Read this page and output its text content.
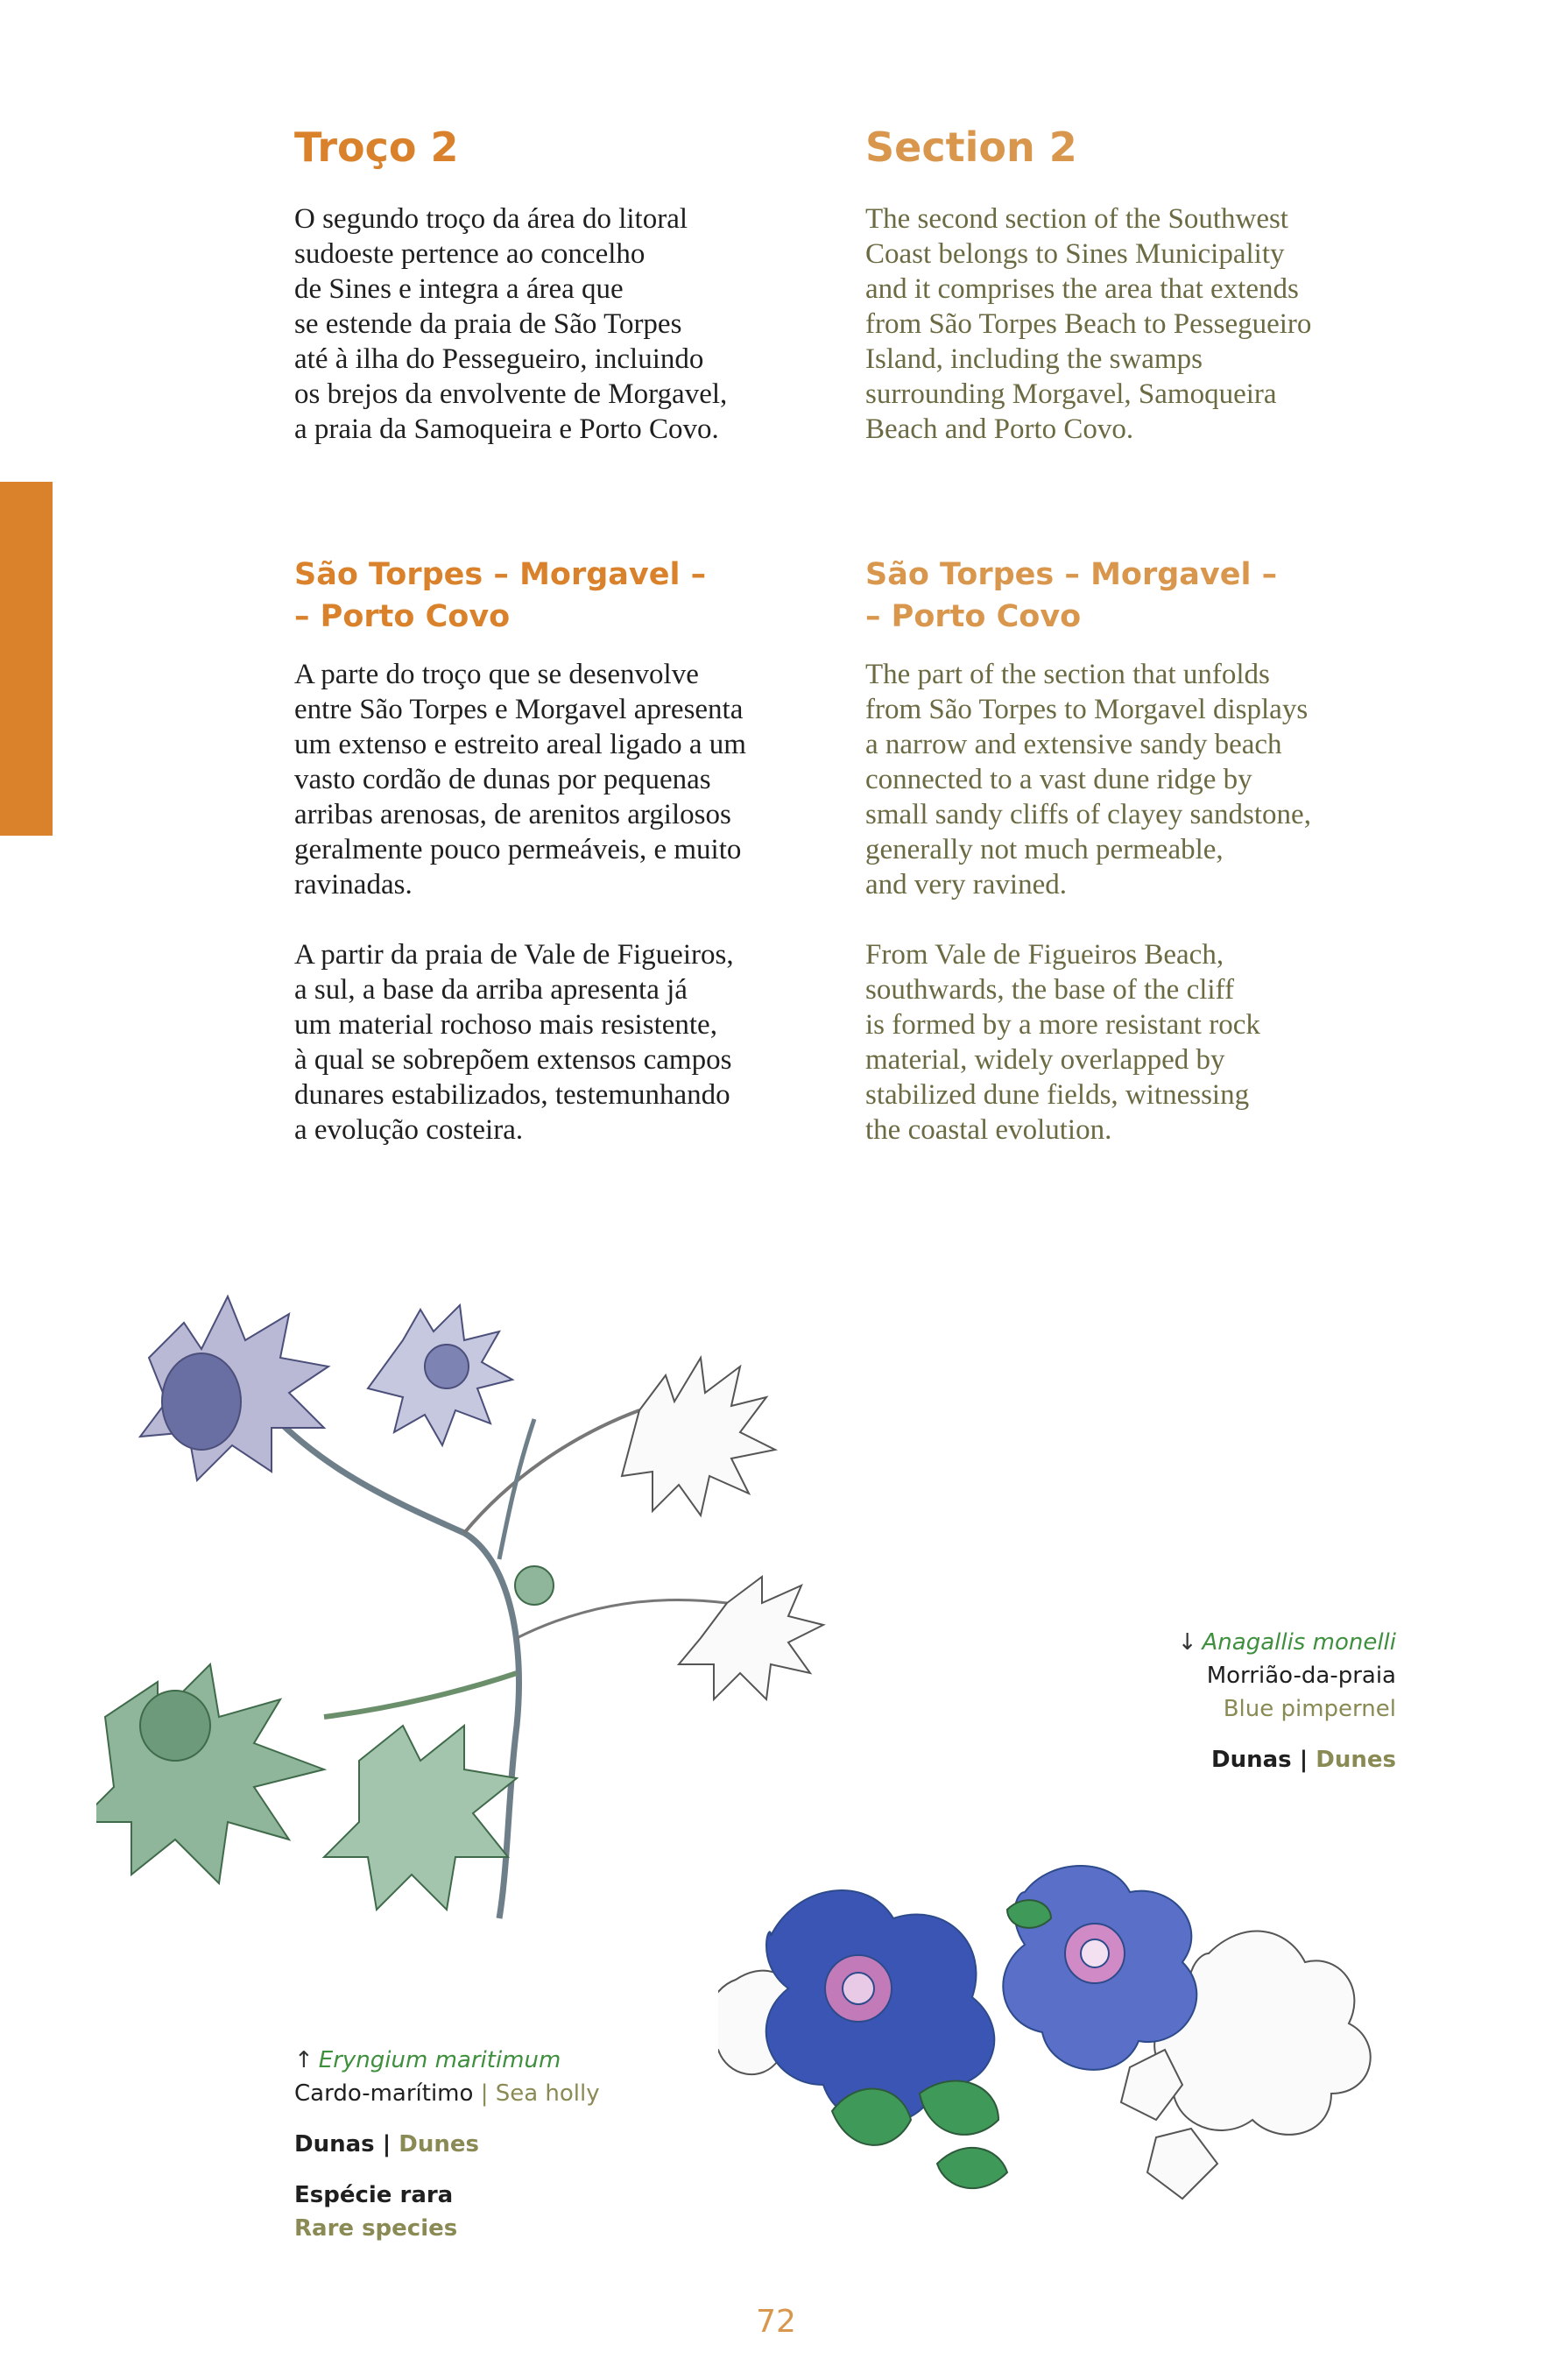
Troço 2

O segundo troço da área do litoral
sudoeste pertence ao concelho
de Sines e integra a área que
se estende da praia de São Torpes
até à ilha do Pessegueiro, incluindo
os brejos da envolvente de Morgavel,
a praia da Samoqueira e Porto Covo.

São Torpes – Morgavel –
– Porto Covo

A parte do troço que se desenvolve
entre São Torpes e Morgavel apresenta
um extenso e estreito areal ligado a um
vasto cordão de dunas por pequenas
arribas arenosas, de arenitos argilosos
geralmente pouco permeáveis, e muito
ravinadas.

A partir da praia de Vale de Figueiros,
a sul, a base da arriba apresenta já
um material rochoso mais resistente,
à qual se sobrepõem extensos campos
dunares estabilizados, testemunhando
a evolução costeira.

Section 2

The second section of the Southwest
Coast belongs to Sines Municipality
and it comprises the area that extends
from São Torpes Beach to Pessegueiro
Island, including the swamps
surrounding Morgavel, Samoqueira
Beach and Porto Covo.

São Torpes – Morgavel –
– Porto Covo

The part of the section that unfolds
from São Torpes to Morgavel displays
a narrow and extensive sandy beach
connected to a vast dune ridge by
small sandy cliffs of clayey sandstone,
generally not much permeable,
and very ravined.

From Vale de Figueiros Beach,
southwards, the base of the cliff
is formed by a more resistant rock
material, widely overlapped by
stabilized dune fields, witnessing
the coastal evolution.

↓ Anagallis monelli
Morrião-da-praia
Blue pimpernel
Dunas | Dunes
↑ Eryngium maritimum
Cardo-marítimo | Sea holly
Dunas | Dunes
Espécie rara
Rare species
72
